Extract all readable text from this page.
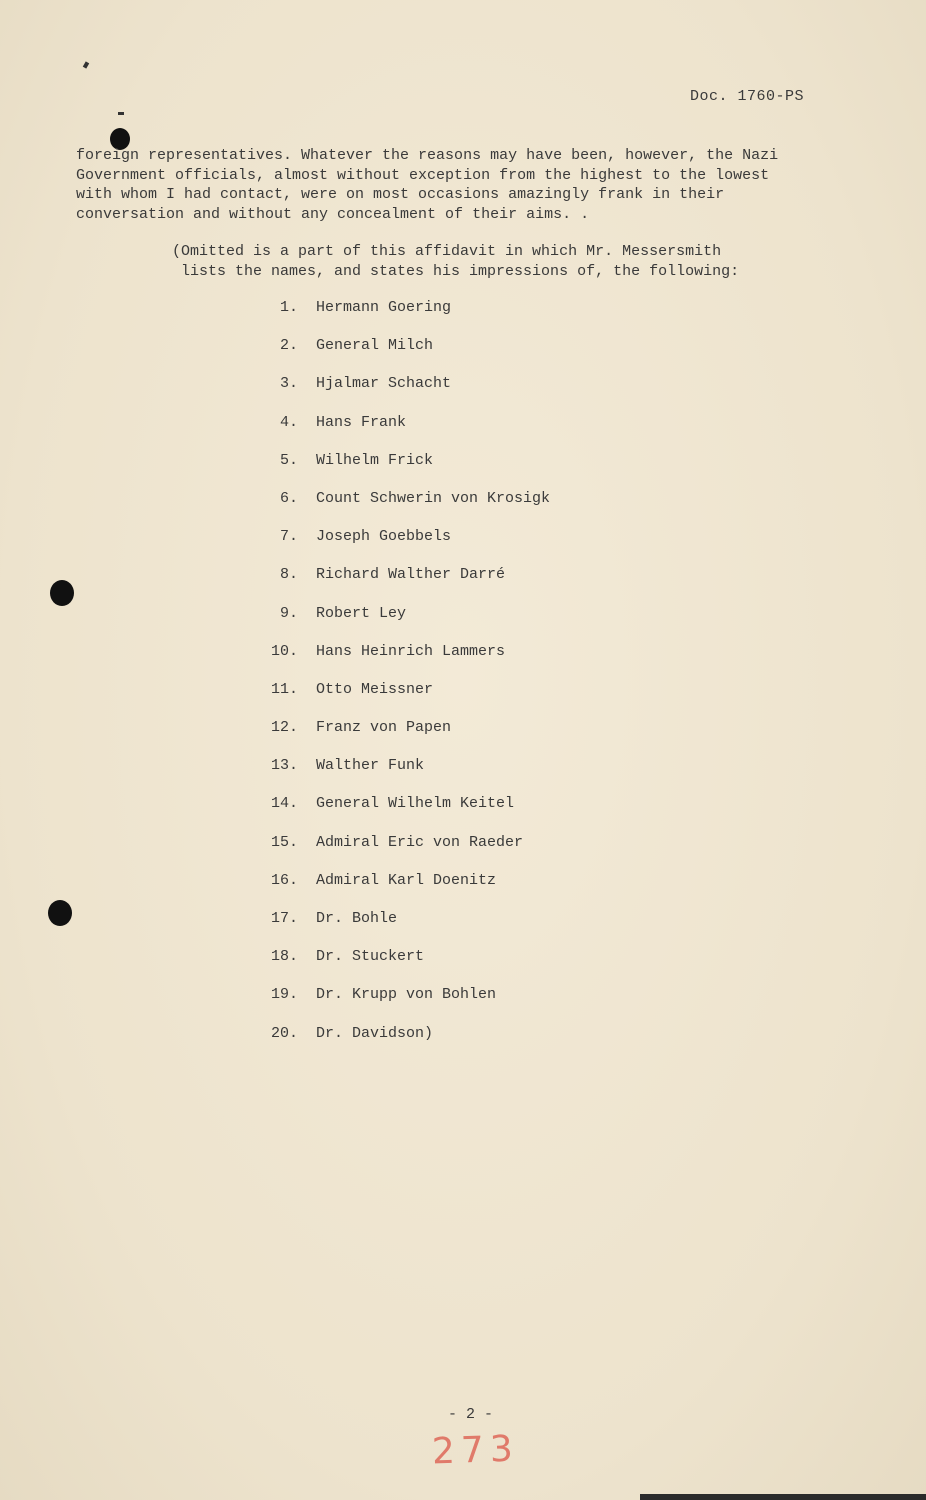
Doc. 1760-PS

foreign representatives. Whatever the reasons may have been, however, the Nazi
Government officials, almost without exception from the highest to the lowest
with whom I had contact, were on most occasions amazingly frank in their
conversation and without any concealment of their aims. .

(Omitted is a part of this affidavit in which Mr. Messersmith
lists the names, and states his impressions of, the following:
1. Hermann Goering
2. General Milch
3. Hjalmar Schacht
4. Hans Frank
5. Wilhelm Frick
6. Count Schwerin von Krosigk
7. Joseph Goebbels
8. Richard Walther Darré
9. Robert Ley
10. Hans Heinrich Lammers
11. Otto Meissner
12. Franz von Papen
13. Walther Funk
14. General Wilhelm Keitel
15. Admiral Eric von Raeder
16. Admiral Karl Doenitz
17. Dr. Bohle
18. Dr. Stuckert
19. Dr. Krupp von Bohlen
20. Dr. Davidson)
- 2 -
273
